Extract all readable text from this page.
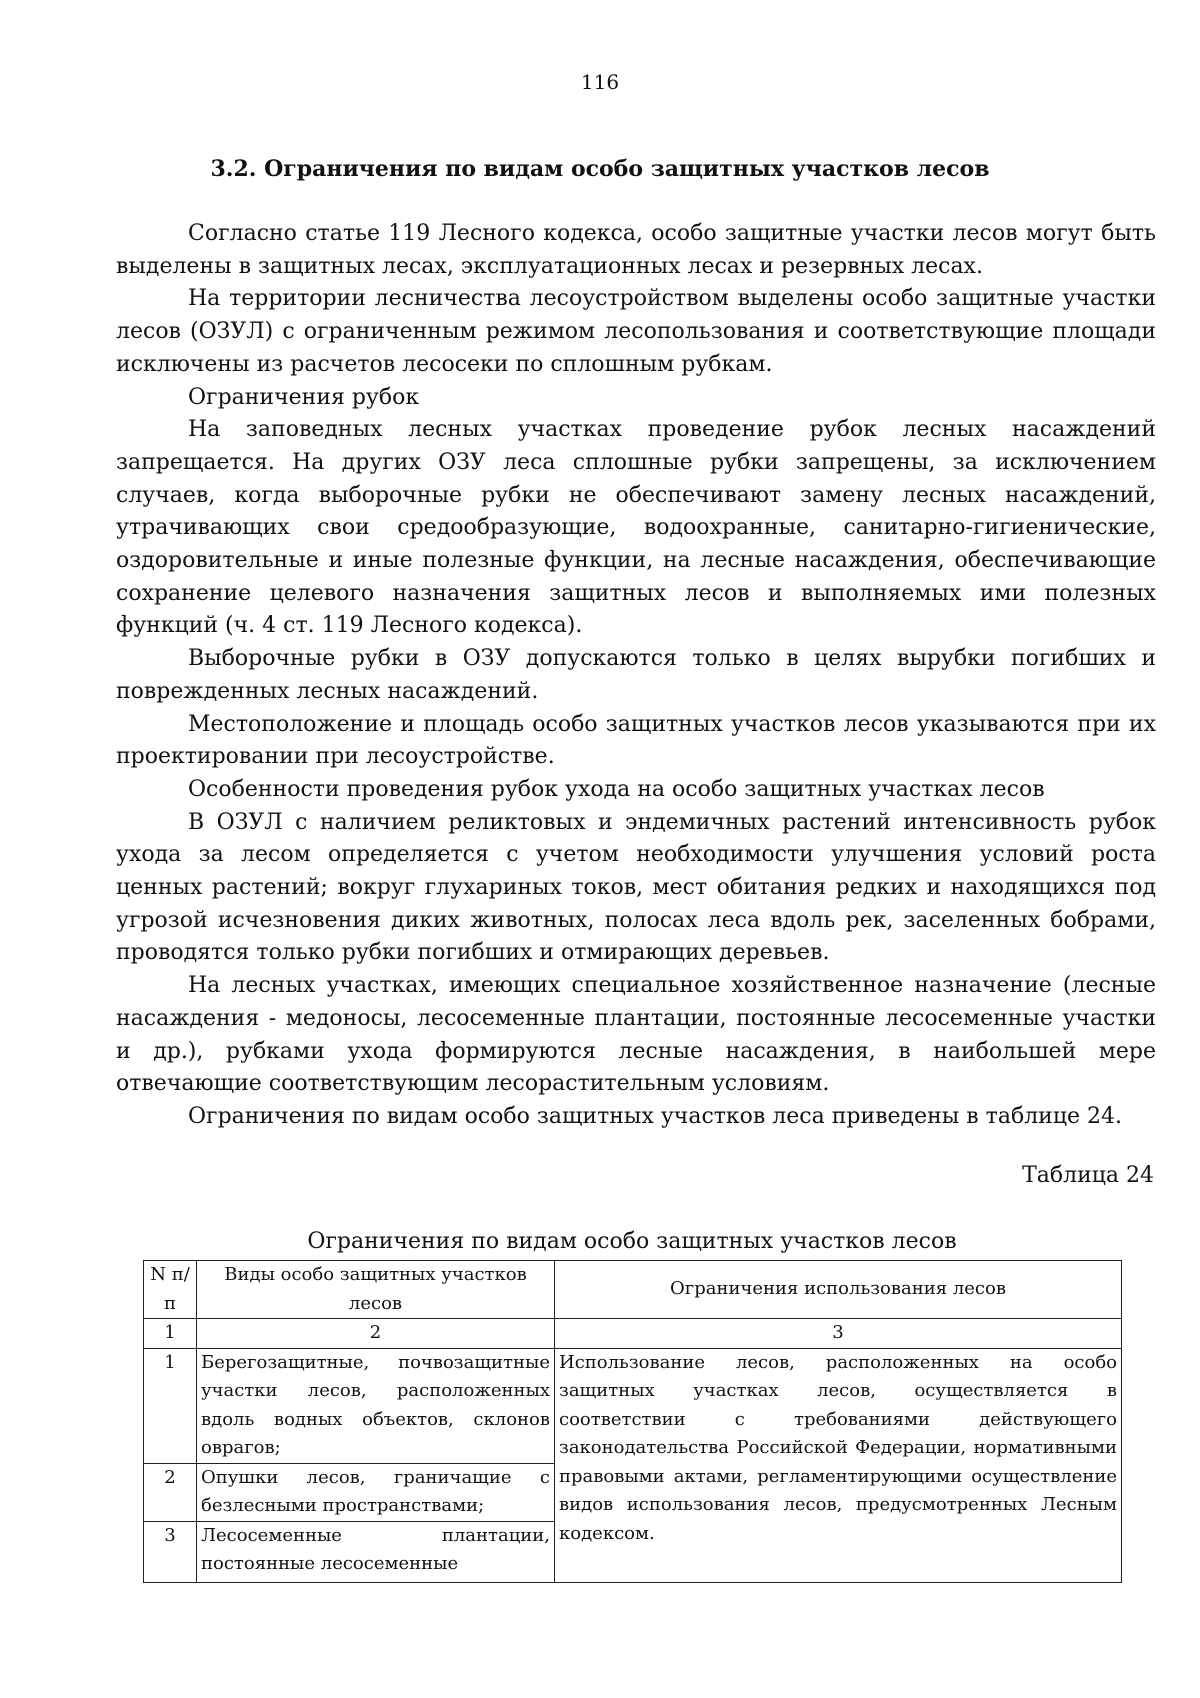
116
3.2. Ограничения по видам особо защитных участков лесов

Согласно статье 119 Лесного кодекса, особо защитные участки лесов могут быть выделены в защитных лесах, эксплуатационных лесах и резервных лесах.

На территории лесничества лесоустройством выделены особо защитные участки лесов (ОЗУЛ) с ограниченным режимом лесопользования и соответствующие площади исключены из расчетов лесосеки по сплошным рубкам.

Ограничения рубок

На заповедных лесных участках проведение рубок лесных насаждений запрещается. На других ОЗУ леса сплошные рубки запрещены, за исключением случаев, когда выборочные рубки не обеспечивают замену лесных насаждений, утрачивающих свои средообразующие, водоохранные, санитарно-гигиенические, оздоровительные и иные полезные функции, на лесные насаждения, обеспечивающие сохранение целевого назначения защитных лесов и выполняемых ими полезных функций (ч. 4 ст. 119 Лесного кодекса).

Выборочные рубки в ОЗУ допускаются только в целях вырубки погибших и поврежденных лесных насаждений.

Местоположение и площадь особо защитных участков лесов указываются при их проектировании при лесоустройстве.

Особенности проведения рубок ухода на особо защитных участках лесов

В ОЗУЛ с наличием реликтовых и эндемичных растений интенсивность рубок ухода за лесом определяется с учетом необходимости улучшения условий роста ценных растений; вокруг глухариных токов, мест обитания редких и находящихся под угрозой исчезновения диких животных, полосах леса вдоль рек, заселенных бобрами, проводятся только рубки погибших и отмирающих деревьев.

На лесных участках, имеющих специальное хозяйственное назначение (лесные насаждения - медоносы, лесосеменные плантации, постоянные лесосеменные участки и др.), рубками ухода формируются лесные насаждения, в наибольшей мере отвечающие соответствующим лесорастительным условиям.

Ограничения по видам особо защитных участков леса приведены в таблице 24.

Таблица 24
Ограничения по видам особо защитных участков лесов
N п/п	Виды особо защитных участков лесов	Ограничения использования лесов
1	2	3
1	Берегозащитные, почвозащитные участки лесов, расположенных вдоль водных объектов, склонов оврагов;	Использование лесов, расположенных на особо защитных участках лесов, осуществляется в соответствии с требованиями действующего законодательства Российской Федерации, нормативными правовыми актами, регламентирующими осуществление видов использования лесов, предусмотренных Лесным кодексом.
2	Опушки лесов, граничащие с безлесными пространствами;	
3	Лесосеменные плантации, постоянные лесосеменные	
